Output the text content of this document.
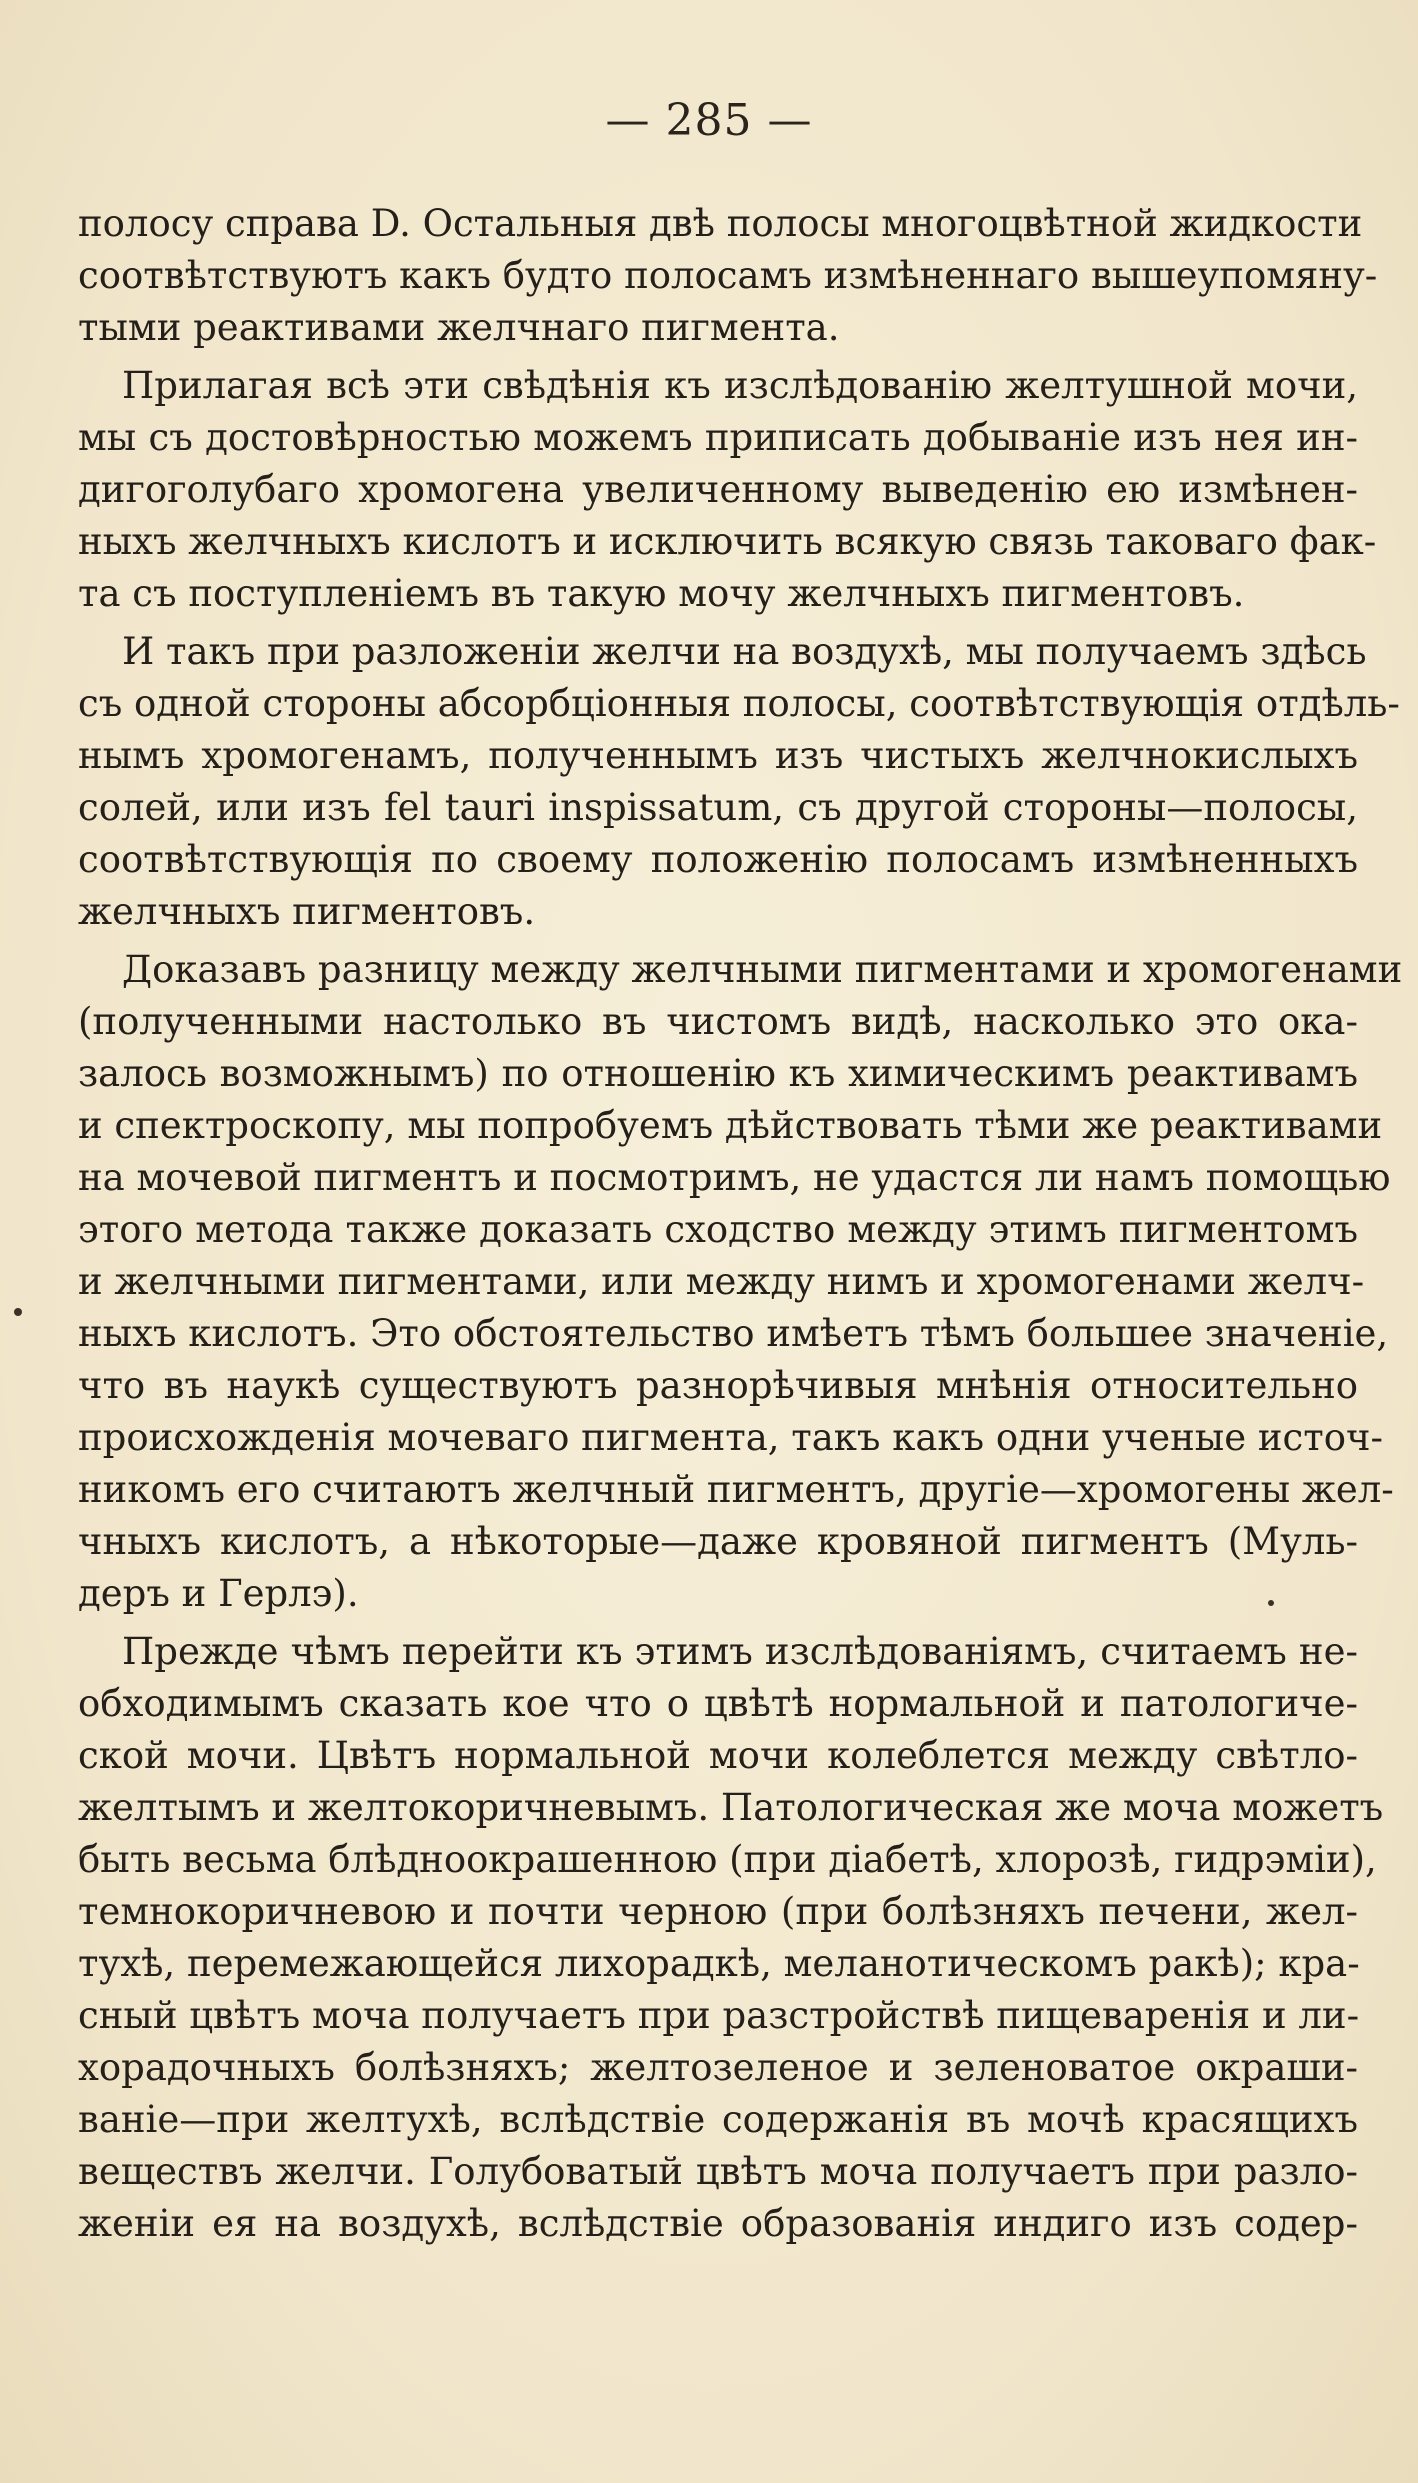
— 285 —
полосу справа D. Остальныя двѣ полосы многоцвѣтной жидкости
соотвѣтствуютъ какъ будто полосамъ измѣненнаго вышеупомяну-
тыми реактивами желчнаго пигмента.
Прилагая всѣ эти свѣдѣнія къ изслѣдованію желтушной мочи,
мы съ достовѣрностью можемъ приписать добываніе изъ нея ин-
дигоголубаго хромогена увеличенному выведенію ею измѣнен-
ныхъ желчныхъ кислотъ и исключить всякую связь таковаго фак-
та съ поступленіемъ въ такую мочу желчныхъ пигментовъ.
И такъ при разложеніи желчи на воздухѣ, мы получаемъ здѣсь
съ одной стороны абсорбціонныя полосы, соотвѣтствующія отдѣль-
нымъ хромогенамъ, полученнымъ изъ чистыхъ желчнокислыхъ
солей, или изъ fel tauri inspissatum, съ другой стороны—полосы,
соотвѣтствующія по своему положенію полосамъ измѣненныхъ
желчныхъ пигментовъ.
Доказавъ разницу между желчными пигментами и хромогенами
(полученными настолько въ чистомъ видѣ, насколько это ока-
залось возможнымъ) по отношенію къ химическимъ реактивамъ
и спектроскопу, мы попробуемъ дѣйствовать тѣми же реактивами
на мочевой пигментъ и посмотримъ, не удастся ли намъ помощью
этого метода также доказать сходство между этимъ пигментомъ
и желчными пигментами, или между нимъ и хромогенами желч-
ныхъ кислотъ. Это обстоятельство имѣетъ тѣмъ большее значеніе,
что въ наукѣ существуютъ разнорѣчивыя мнѣнія относительно
происхожденія мочеваго пигмента, такъ какъ одни ученые источ-
никомъ его считаютъ желчный пигментъ, другіе—хромогены жел-
чныхъ кислотъ, а нѣкоторые—даже кровяной пигментъ (Муль-
деръ и Герлэ).
Прежде чѣмъ перейти къ этимъ изслѣдованіямъ, считаемъ не-
обходимымъ сказать кое что о цвѣтѣ нормальной и патологиче-
ской мочи. Цвѣтъ нормальной мочи колеблется между свѣтло-
желтымъ и желтокоричневымъ. Патологическая же моча можетъ
быть весьма блѣдноокрашенною (при діабетѣ, хлорозѣ, гидрэміи),
темнокоричневою и почти черною (при болѣзняхъ печени, жел-
тухѣ, перемежающейся лихорадкѣ, меланотическомъ ракѣ); кра-
сный цвѣтъ моча получаетъ при разстройствѣ пищеваренія и ли-
хорадочныхъ болѣзняхъ; желтозеленое и зеленоватое окраши-
ваніе—при желтухѣ, вслѣдствіе содержанія въ мочѣ красящихъ
веществъ желчи. Голубоватый цвѣтъ моча получаетъ при разло-
женіи ея на воздухѣ, вслѣдствіе образованія индиго изъ содер-
